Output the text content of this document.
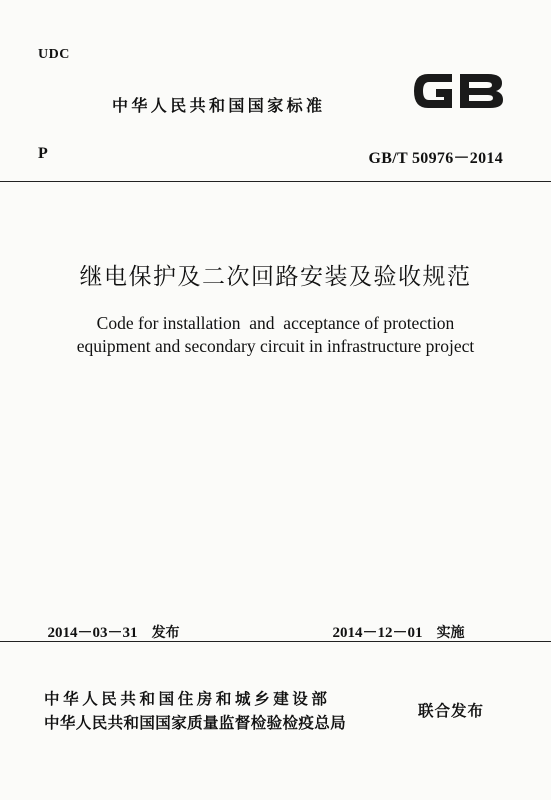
UDC
中华人民共和国国家标准
P	GB/T 50976－2014
继电保护及二次回路安装及验收规范
Code for installation  and  acceptance of protection
equipment and secondary circuit in infrastructure project

2014－03－31 发布	2014－12－01 实施

中华人民共和国住房和城乡建设部
中华人民共和国国家质量监督检验检疫总局
联合发布
